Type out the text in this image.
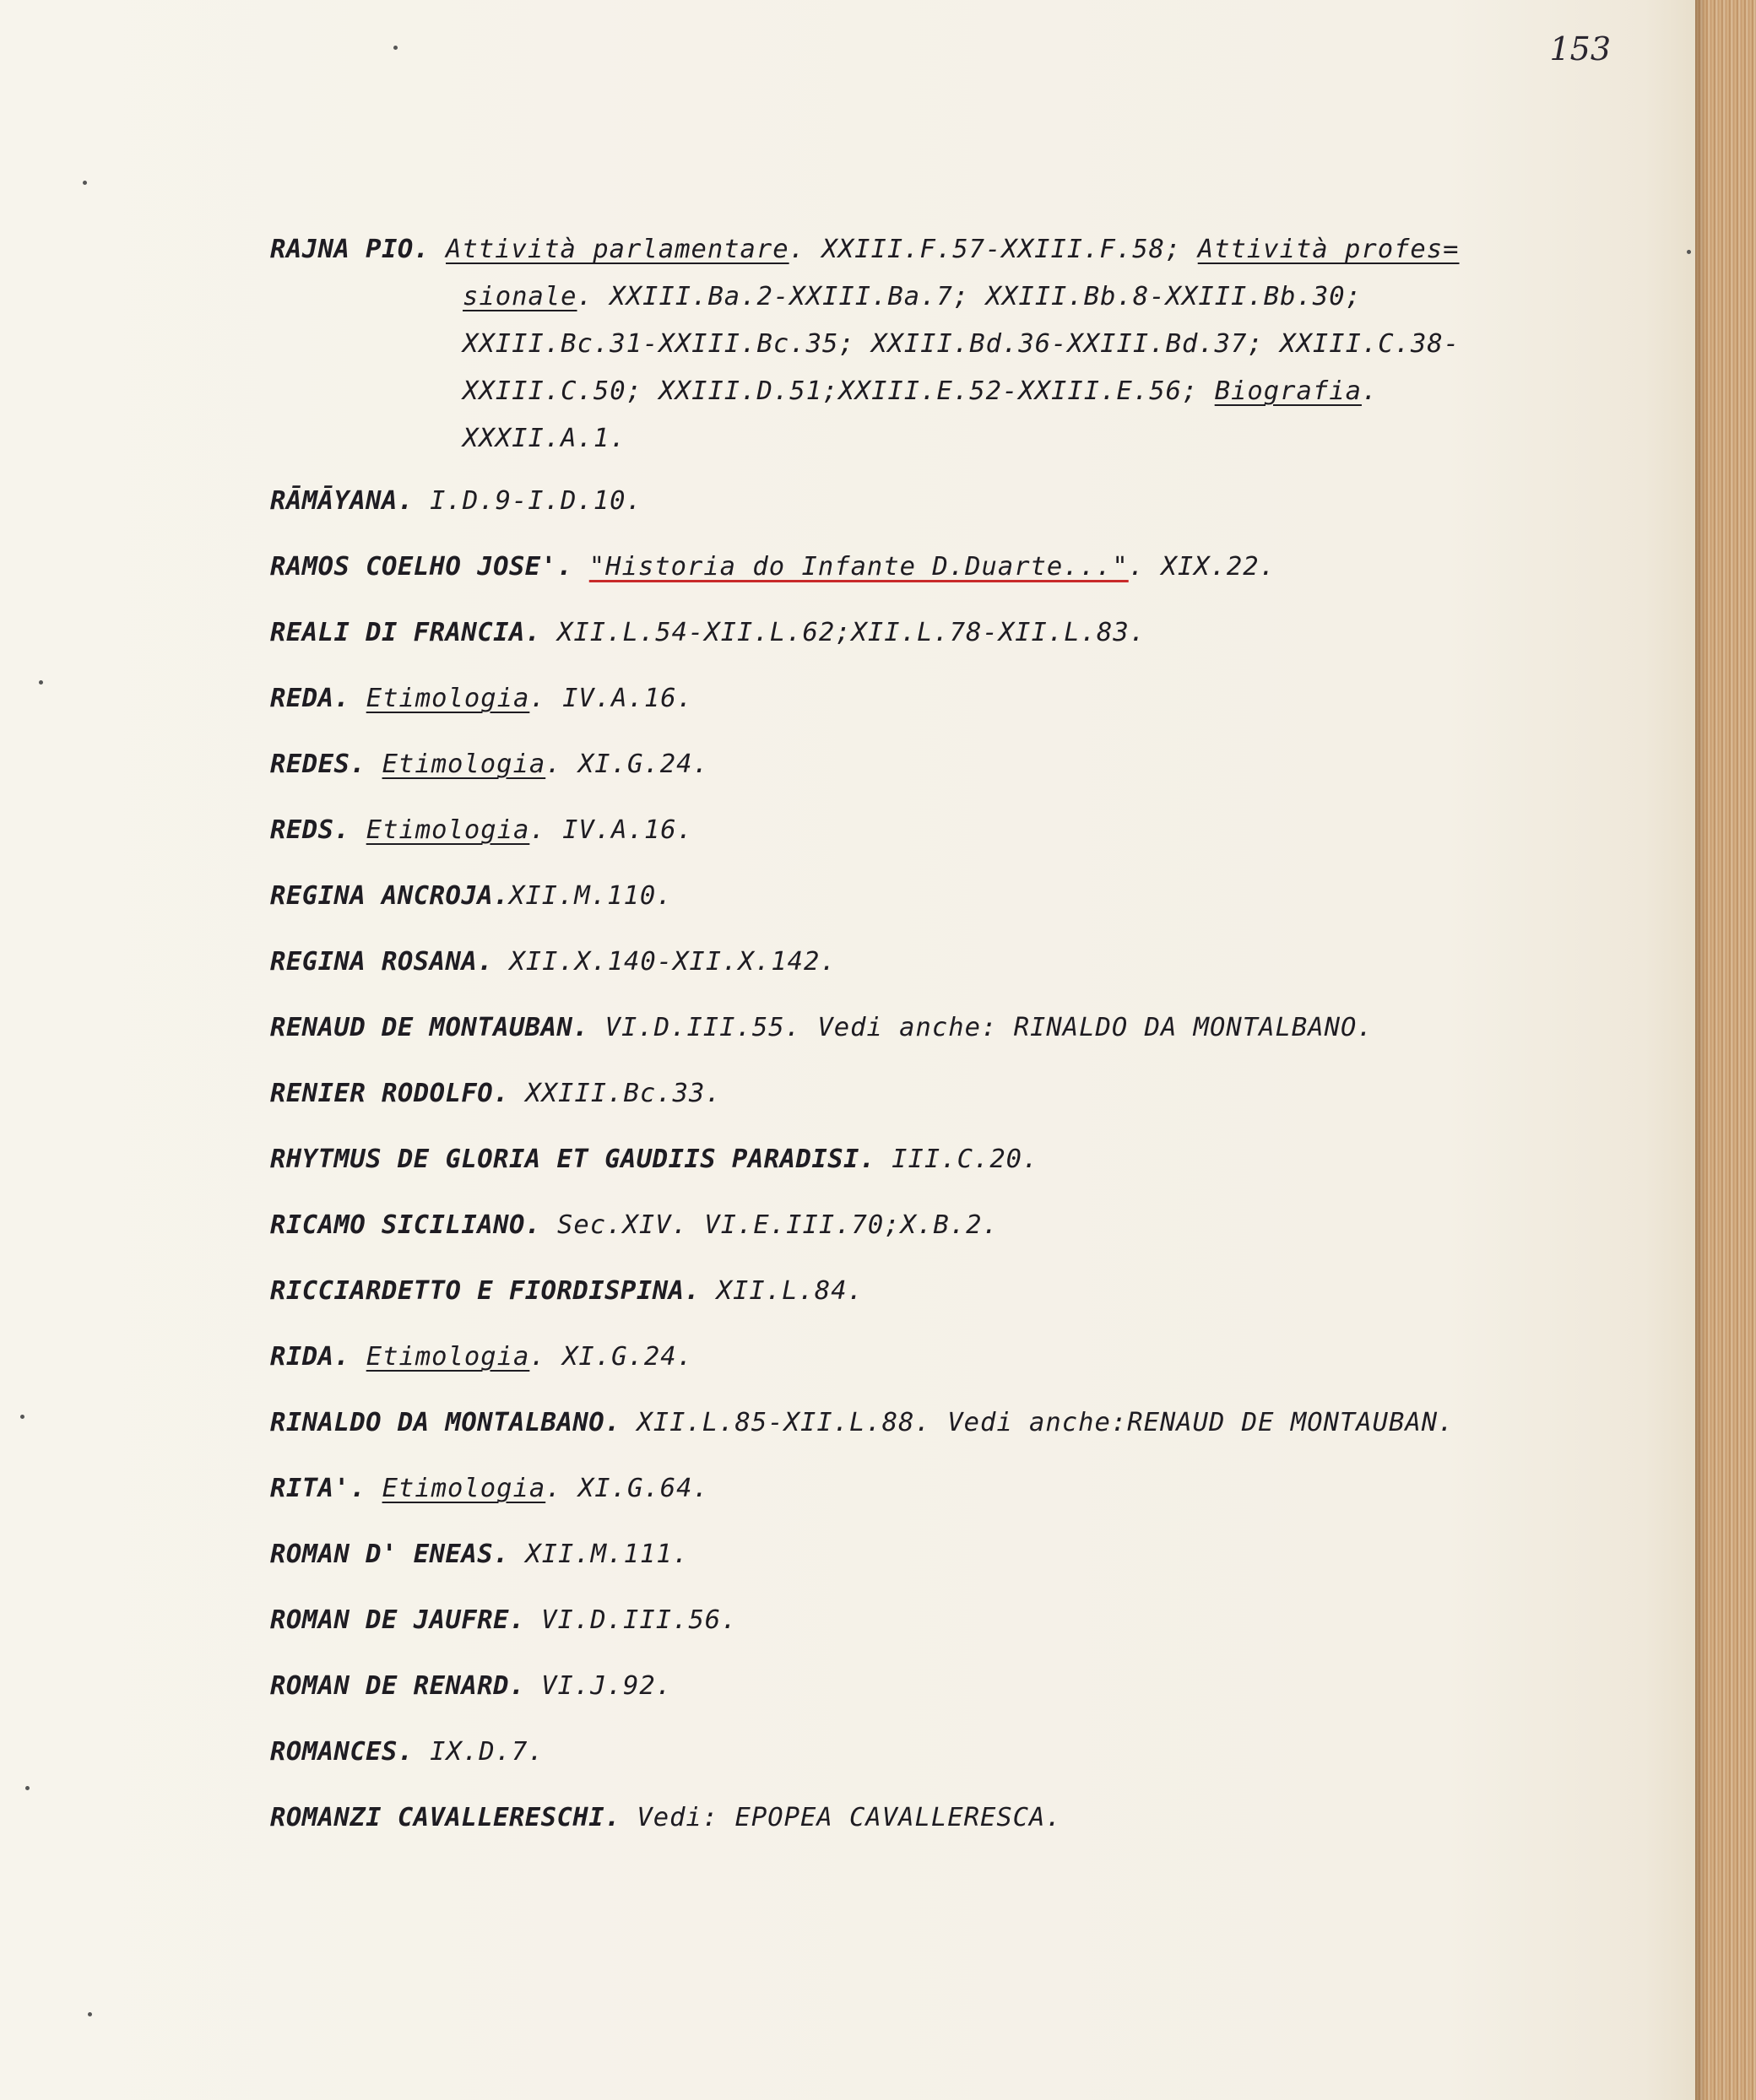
153
RAJNA PIO. Attività parlamentare. XXIII.F.57-XXIII.F.58; Attività profes= sionale. XXIII.Ba.2-XXIII.Ba.7; XXIII.Bb.8-XXIII.Bb.30; XXIII.Bc.31-XXIII.Bc.35; XXIII.Bd.36-XXIII.Bd.37; XXIII.C.38-XXIII.C.50; XXIII.D.51;XXIII.E.52-XXIII.E.56; Biografia. XXXII.A.1.
RĀMĀYANA. I.D.9-I.D.10.
RAMOS COELHO JOSE'. "Historia do Infante D.Duarte...". XIX.22.
REALI DI FRANCIA. XII.L.54-XII.L.62;XII.L.78-XII.L.83.
REDA. Etimologia. IV.A.16.
REDES. Etimologia. XI.G.24.
REDS. Etimologia. IV.A.16.
REGINA ANCROJA.XII.M.110.
REGINA ROSANA. XII.X.140-XII.X.142.
RENAUD DE MONTAUBAN. VI.D.III.55. Vedi anche: RINALDO DA MONTALBANO.
RENIER RODOLFO. XXIII.Bc.33.
RHYTMUS DE GLORIA ET GAUDIIS PARADISI. III.C.20.
RICAMO SICILIANO. Sec.XIV. VI.E.III.70;X.B.2.
RICCIARDETTO E FIORDISPINA. XII.L.84.
RIDA. Etimologia. XI.G.24.
RINALDO DA MONTALBANO. XII.L.85-XII.L.88. Vedi anche:RENAUD DE MONTAUBAN.
RITA'. Etimologia. XI.G.64.
ROMAN D' ENEAS. XII.M.111.
ROMAN DE JAUFRE. VI.D.III.56.
ROMAN DE RENARD. VI.J.92.
ROMANCES. IX.D.7.
ROMANZI CAVALLERESCHI. Vedi: EPOPEA CAVALLERESCA.
